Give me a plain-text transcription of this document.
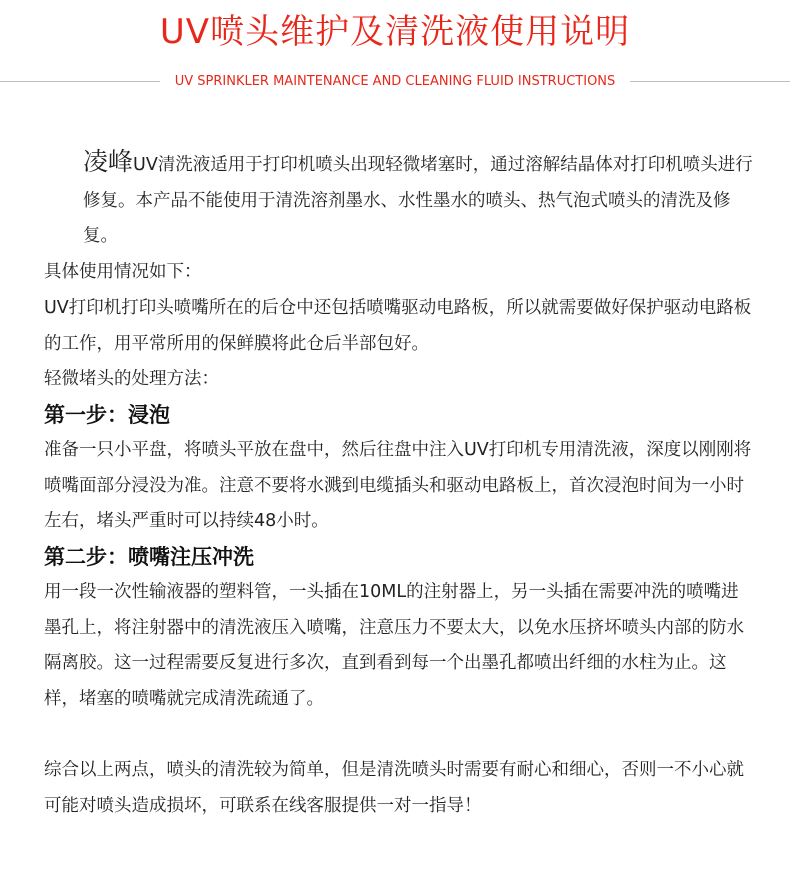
UV喷头维护及清洗液使用说明
UV SPRINKLER MAINTENANCE AND CLEANING FLUID INSTRUCTIONS

凌峰UV清洗液适用于打印机喷头出现轻微堵塞时，通过溶解结晶体对打印机喷头进行修复。本产品不能使用于清洗溶剂墨水、水性墨水的喷头、热气泡式喷头的清洗及修复。

具体使用情况如下：

UV打印机打印头喷嘴所在的后仓中还包括喷嘴驱动电路板，所以就需要做好保护驱动电路板的工作，用平常所用的保鲜膜将此仓后半部包好。

轻微堵头的处理方法：

第一步：浸泡

准备一只小平盘，将喷头平放在盘中，然后往盘中注入UV打印机专用清洗液，深度以刚刚将喷嘴面部分浸没为准。注意不要将水溅到电缆插头和驱动电路板上，首次浸泡时间为一小时左右，堵头严重时可以持续48小时。

第二步：喷嘴注压冲洗

用一段一次性输液器的塑料管，一头插在10ML的注射器上，另一头插在需要冲洗的喷嘴进墨孔上，将注射器中的清洗液压入喷嘴，注意压力不要太大，以免水压挤坏喷头内部的防水隔离胶。这一过程需要反复进行多次，直到看到每一个出墨孔都喷出纤细的水柱为止。这样，堵塞的喷嘴就完成清洗疏通了。

综合以上两点，喷头的清洗较为简单，但是清洗喷头时需要有耐心和细心，否则一不小心就可能对喷头造成损坏，可联系在线客服提供一对一指导！
